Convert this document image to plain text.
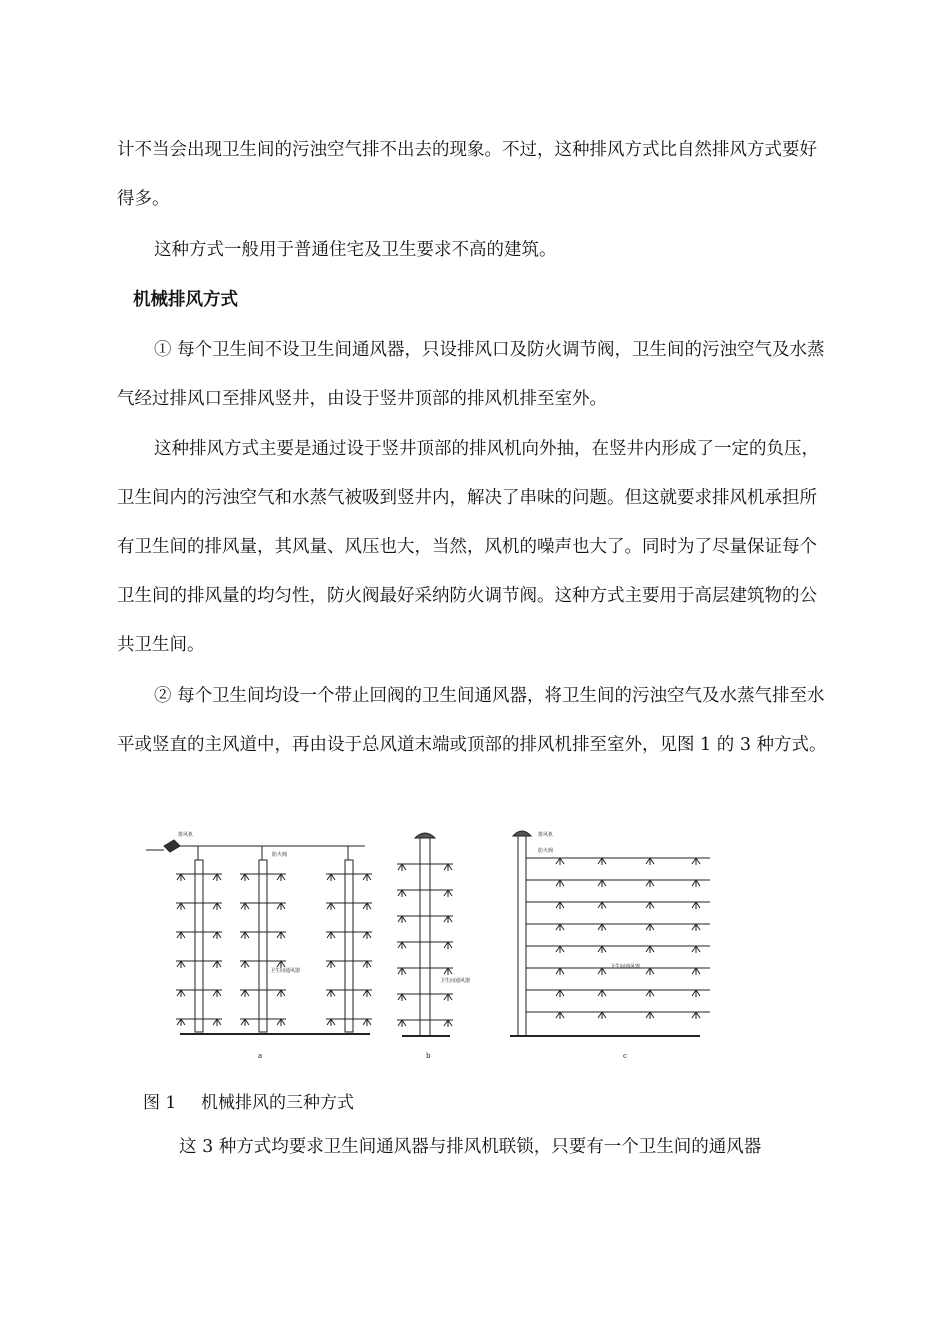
计不当会出现卫生间的污浊空气排不出去的现象。不过，这种排风方式比自然排风方式要好得多。

这种方式一般用于普通住宅及卫生要求不高的建筑。

机械排风方式

① 每个卫生间不设卫生间通风器，只设排风口及防火调节阀，卫生间的污浊空气及水蒸气经过排风口至排风竖井，由设于竖井顶部的排风机排至室外。

这种排风方式主要是通过设于竖井顶部的排风机向外抽，在竖井内形成了一定的负压，卫生间内的污浊空气和水蒸气被吸到竖井内，解决了串味的问题。但这就要求排风机承担所有卫生间的排风量，其风量、风压也大，当然，风机的噪声也大了。同时为了尽量保证每个卫生间的排风量的均匀性，防火阀最好采纳防火调节阀。这种方式主要用于高层建筑物的公共卫生间。

② 每个卫生间均设一个带止回阀的卫生间通风器，将卫生间的污浊空气及水蒸气排至水平或竖直的主风道中，再由设于总风道末端或顶部的排风机排至室外，见图 1 的 3 种方式。

排风机
防火阀
卫生间通风器
卫生间通风器
排风机
防火阀
卫生间通风器
a	b	c

图 1 机械排风的三种方式

这 3 种方式均要求卫生间通风器与排风机联锁，只要有一个卫生间的通风器
